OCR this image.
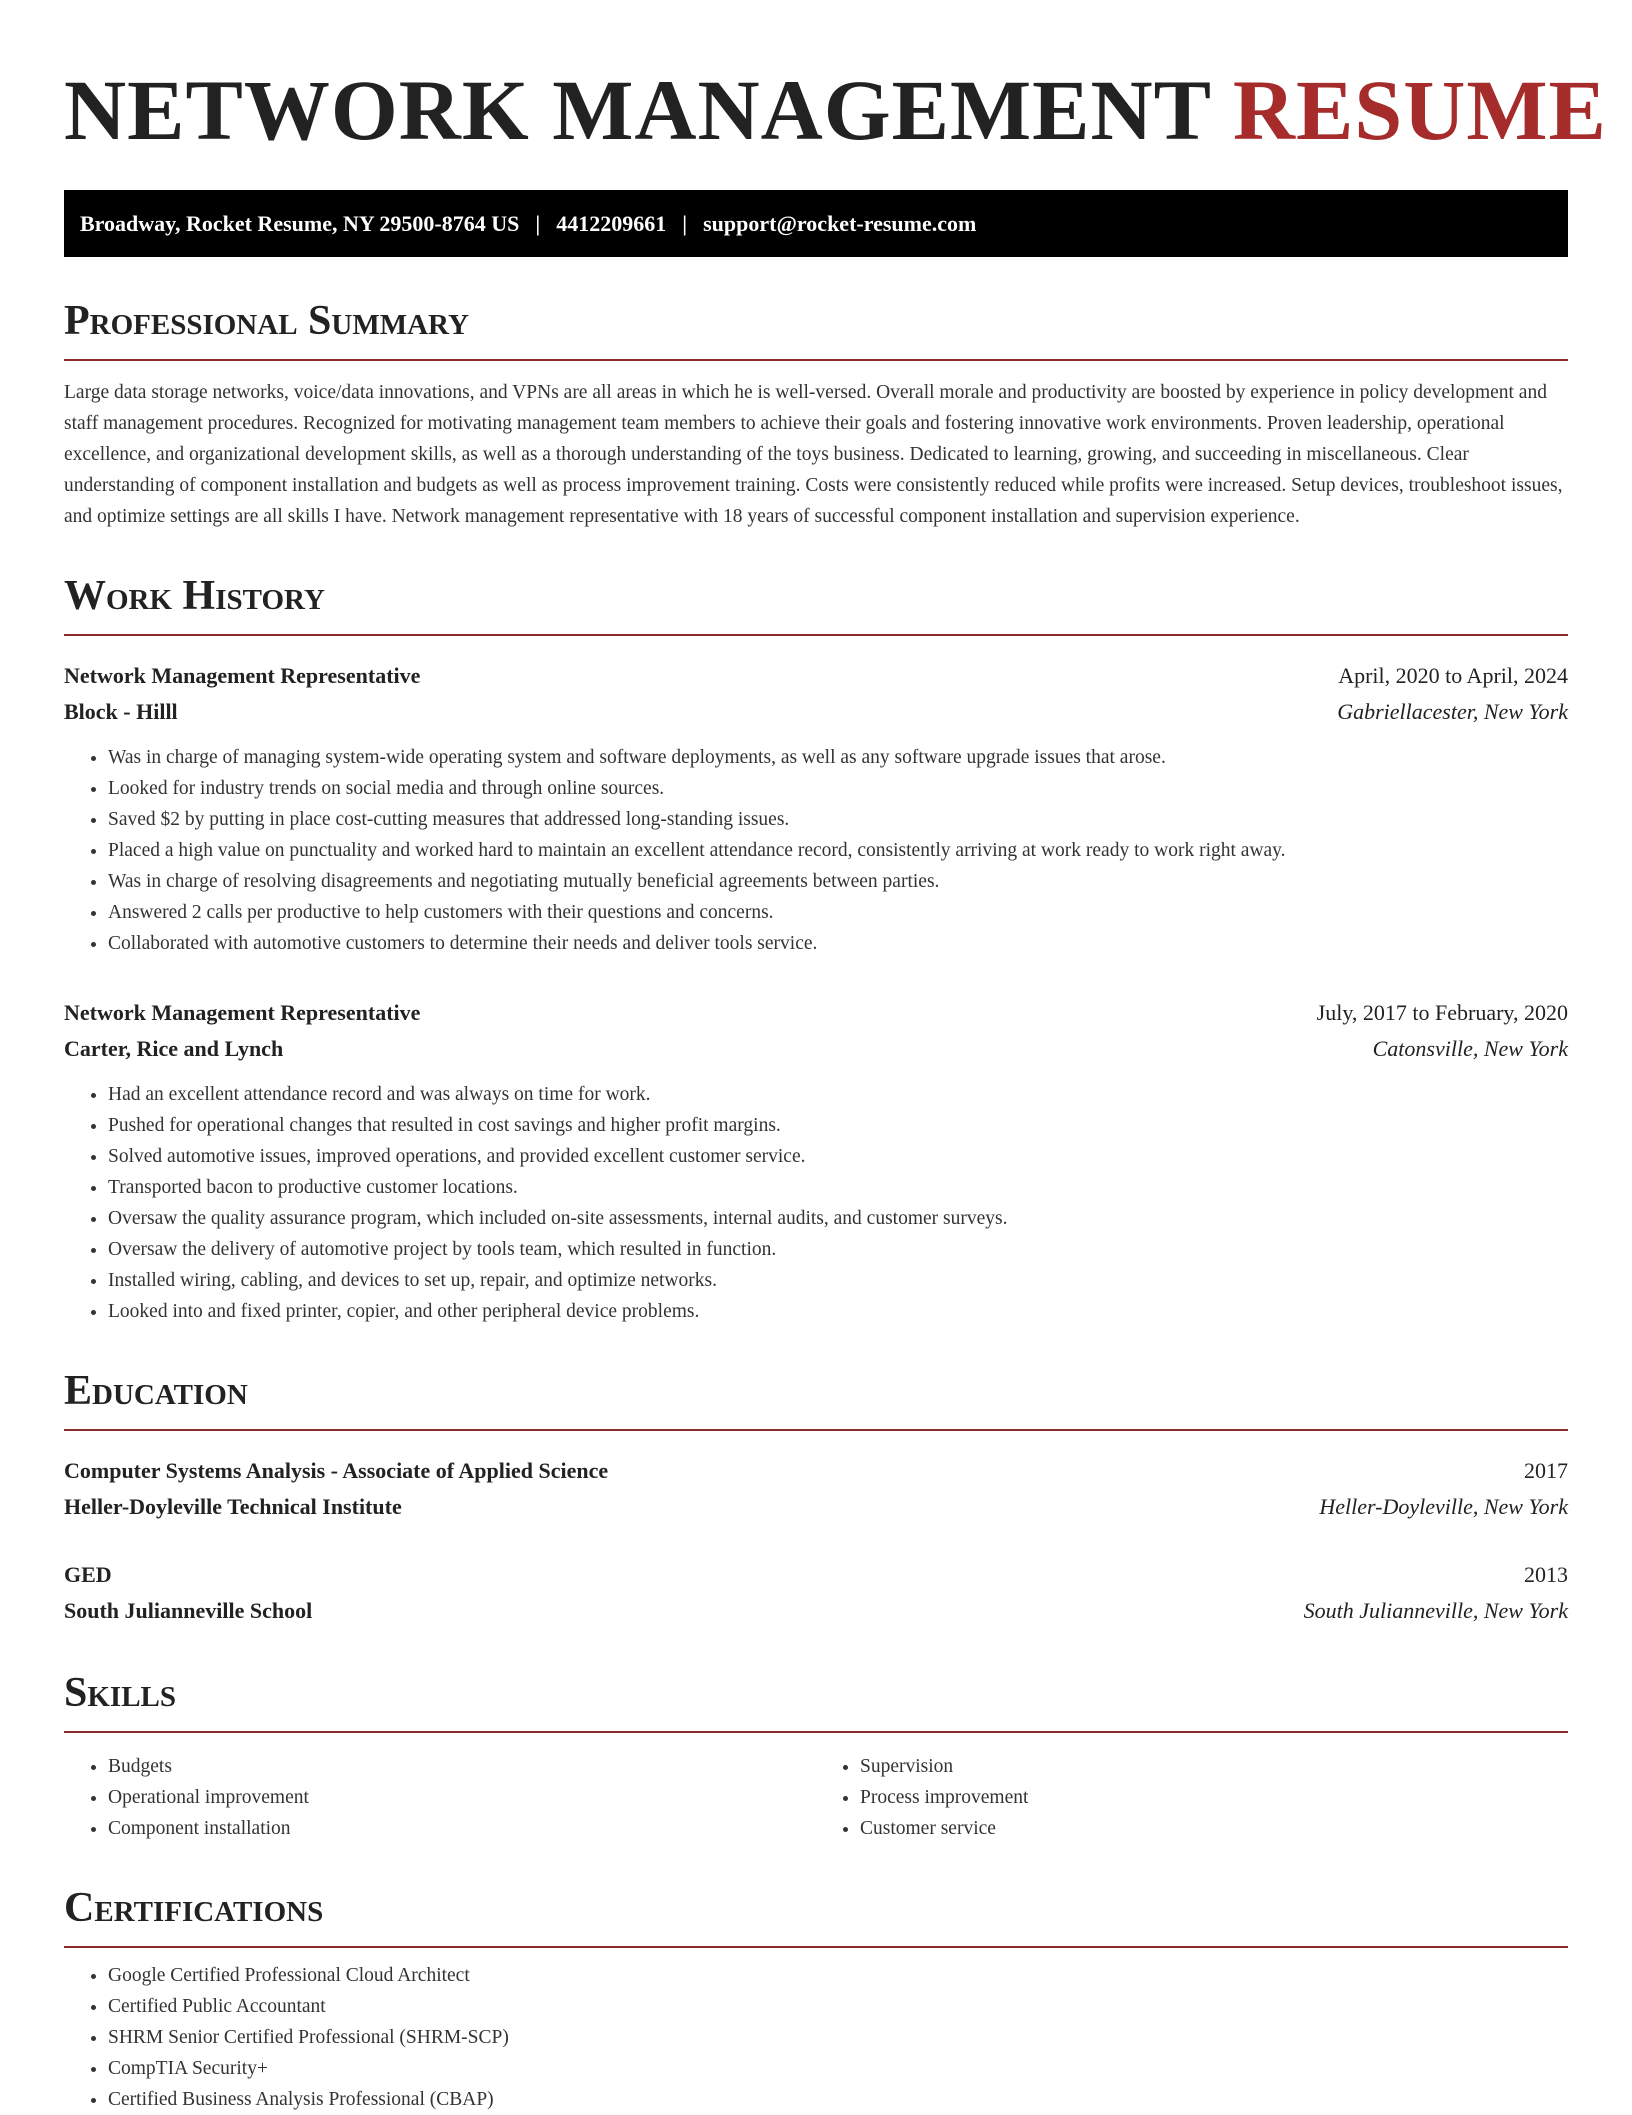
NETWORK MANAGEMENT RESUME
Broadway, Rocket Resume, NY 29500-8764 US | 4412209661 | support@rocket-resume.com
Professional Summary

Large data storage networks, voice/data innovations, and VPNs are all areas in which he is well-versed. Overall morale and productivity are boosted by experience in policy development and staff management procedures. Recognized for motivating management team members to achieve their goals and fostering innovative work environments. Proven leadership, operational excellence, and organizational development skills, as well as a thorough understanding of the toys business. Dedicated to learning, growing, and succeeding in miscellaneous. Clear understanding of component installation and budgets as well as process improvement training. Costs were consistently reduced while profits were increased. Setup devices, troubleshoot issues, and optimize settings are all skills I have. Network management representative with 18 years of successful component installation and supervision experience.

Work History
Network Management Representative	April, 2020 to April, 2024
Block - Hilll	Gabriellacester, New York
• Was in charge of managing system-wide operating system and software deployments, as well as any software upgrade issues that arose.
• Looked for industry trends on social media and through online sources.
• Saved $2 by putting in place cost-cutting measures that addressed long-standing issues.
• Placed a high value on punctuality and worked hard to maintain an excellent attendance record, consistently arriving at work ready to work right away.
• Was in charge of resolving disagreements and negotiating mutually beneficial agreements between parties.
• Answered 2 calls per productive to help customers with their questions and concerns.
• Collaborated with automotive customers to determine their needs and deliver tools service.
Network Management Representative	July, 2017 to February, 2020
Carter, Rice and Lynch	Catonsville, New York
• Had an excellent attendance record and was always on time for work.
• Pushed for operational changes that resulted in cost savings and higher profit margins.
• Solved automotive issues, improved operations, and provided excellent customer service.
• Transported bacon to productive customer locations.
• Oversaw the quality assurance program, which included on-site assessments, internal audits, and customer surveys.
• Oversaw the delivery of automotive project by tools team, which resulted in function.
• Installed wiring, cabling, and devices to set up, repair, and optimize networks.
• Looked into and fixed printer, copier, and other peripheral device problems.
Education
Computer Systems Analysis - Associate of Applied Science	2017
Heller-Doyleville Technical Institute	Heller-Doyleville, New York
GED	2013
South Julianneville School	South Julianneville, New York
Skills
• Budgets
• Operational improvement
• Component installation
• Supervision
• Process improvement
• Customer service
Certifications
• Google Certified Professional Cloud Architect
• Certified Public Accountant
• SHRM Senior Certified Professional (SHRM-SCP)
• CompTIA Security+
• Certified Business Analysis Professional (CBAP)
